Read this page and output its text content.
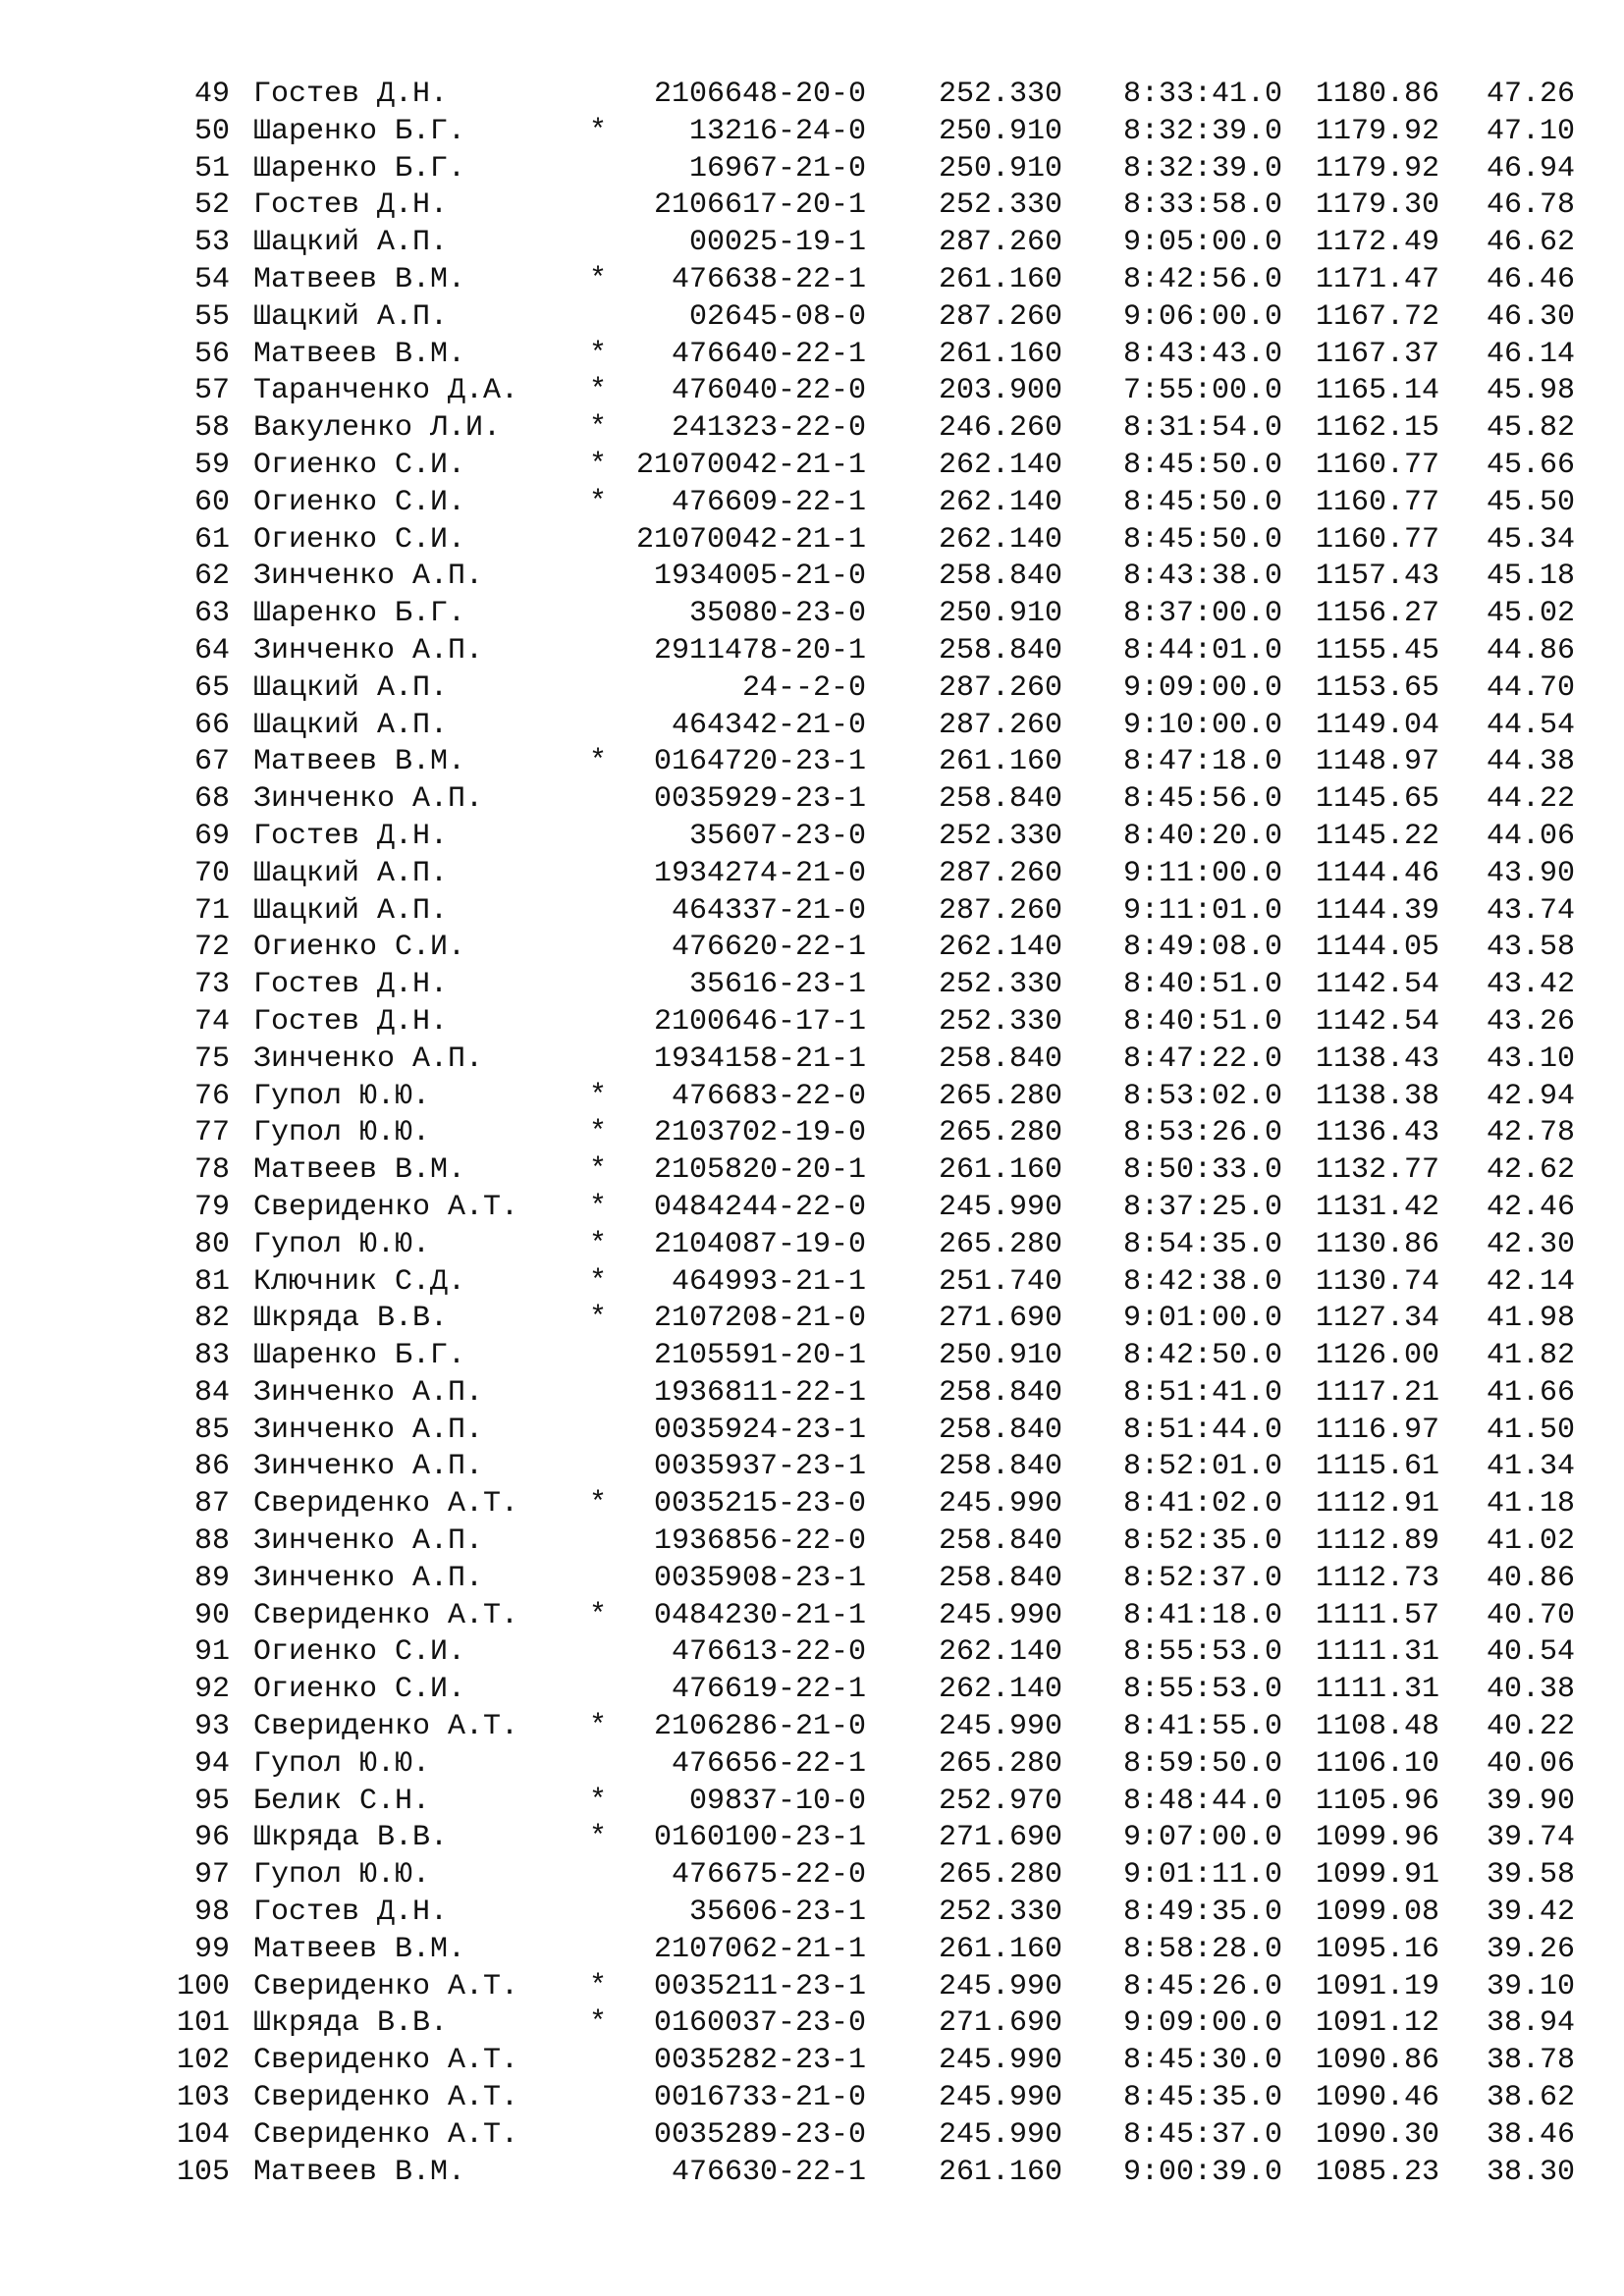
49 Гостев Д.Н.	2106648-20-0	252.330	8:33:41.0	1180.86	47.26
50 Шаренко Б.Г.	*	13216-24-0	250.910	8:32:39.0	1179.92	47.10
51 Шаренко Б.Г.	16967-21-0	250.910	8:32:39.0	1179.92	46.94
52 Гостев Д.Н.	2106617-20-1	252.330	8:33:58.0	1179.30	46.78
53 Шацкий А.П.	00025-19-1	287.260	9:05:00.0	1172.49	46.62
54 Матвеев В.М.	*	476638-22-1	261.160	8:42:56.0	1171.47	46.46
55 Шацкий А.П.	02645-08-0	287.260	9:06:00.0	1167.72	46.30
56 Матвеев В.М.	*	476640-22-1	261.160	8:43:43.0	1167.37	46.14
57 Таранченко Д.А. *	476040-22-0	203.900	7:55:00.0	1165.14	45.98
58 Вакуленко Л.И.	*	241323-22-0	246.260	8:31:54.0	1162.15	45.82
59 Огиенко С.И.	* 21070042-21-1	262.140	8:45:50.0	1160.77	45.66
60 Огиенко С.И.	*	476609-22-1	262.140	8:45:50.0	1160.77	45.50
61 Огиенко С.И.	21070042-21-1	262.140	8:45:50.0	1160.77	45.34
62 Зинченко А.П.	1934005-21-0	258.840	8:43:38.0	1157.43	45.18
63 Шаренко Б.Г.	35080-23-0	250.910	8:37:00.0	1156.27	45.02
64 Зинченко А.П.	2911478-20-1	258.840	8:44:01.0	1155.45	44.86
65 Шацкий А.П.	24--2-0	287.260	9:09:00.0	1153.65	44.70
66 Шацкий А.П.	464342-21-0	287.260	9:10:00.0	1149.04	44.54
67 Матвеев В.М.	*	0164720-23-1	261.160	8:47:18.0	1148.97	44.38
68 Зинченко А.П.	0035929-23-1	258.840	8:45:56.0	1145.65	44.22
69 Гостев Д.Н.	35607-23-0	252.330	8:40:20.0	1145.22	44.06
70 Шацкий А.П.	1934274-21-0	287.260	9:11:00.0	1144.46	43.90
71 Шацкий А.П.	464337-21-0	287.260	9:11:01.0	1144.39	43.74
72 Огиенко С.И.	476620-22-1	262.140	8:49:08.0	1144.05	43.58
73 Гостев Д.Н.	35616-23-1	252.330	8:40:51.0	1142.54	43.42
74 Гостев Д.Н.	2100646-17-1	252.330	8:40:51.0	1142.54	43.26
75 Зинченко А.П.	1934158-21-1	258.840	8:47:22.0	1138.43	43.10
76 Гупол Ю.Ю.	*	476683-22-0	265.280	8:53:02.0	1138.38	42.94
77 Гупол Ю.Ю.	*	2103702-19-0	265.280	8:53:26.0	1136.43	42.78
78 Матвеев В.М.	*	2105820-20-1	261.160	8:50:33.0	1132.77	42.62
79 Свериденко А.Т. *	0484244-22-0	245.990	8:37:25.0	1131.42	42.46
80 Гупол Ю.Ю.	*	2104087-19-0	265.280	8:54:35.0	1130.86	42.30
81 Ключник С.Д.	*	464993-21-1	251.740	8:42:38.0	1130.74	42.14
82 Шкряда В.В.	*	2107208-21-0	271.690	9:01:00.0	1127.34	41.98
83 Шаренко Б.Г.	2105591-20-1	250.910	8:42:50.0	1126.00	41.82
84 Зинченко А.П.	1936811-22-1	258.840	8:51:41.0	1117.21	41.66
85 Зинченко А.П.	0035924-23-1	258.840	8:51:44.0	1116.97	41.50
86 Зинченко А.П.	0035937-23-1	258.840	8:52:01.0	1115.61	41.34
87 Свериденко А.Т. *	0035215-23-0	245.990	8:41:02.0	1112.91	41.18
88 Зинченко А.П.	1936856-22-0	258.840	8:52:35.0	1112.89	41.02
89 Зинченко А.П.	0035908-23-1	258.840	8:52:37.0	1112.73	40.86
90 Свериденко А.Т. *	0484230-21-1	245.990	8:41:18.0	1111.57	40.70
91 Огиенко С.И.	476613-22-0	262.140	8:55:53.0	1111.31	40.54
92 Огиенко С.И.	476619-22-1	262.140	8:55:53.0	1111.31	40.38
93 Свериденко А.Т. *	2106286-21-0	245.990	8:41:55.0	1108.48	40.22
94 Гупол Ю.Ю.	476656-22-1	265.280	8:59:50.0	1106.10	40.06
95 Белик С.Н.	*	09837-10-0	252.970	8:48:44.0	1105.96	39.90
96 Шкряда В.В.	*	0160100-23-1	271.690	9:07:00.0	1099.96	39.74
97 Гупол Ю.Ю.	476675-22-0	265.280	9:01:11.0	1099.91	39.58
98 Гостев Д.Н.	35606-23-1	252.330	8:49:35.0	1099.08	39.42
99 Матвеев В.М.	2107062-21-1	261.160	8:58:28.0	1095.16	39.26
100 Свериденко А.Т. *	0035211-23-1	245.990	8:45:26.0	1091.19	39.10
101 Шкряда В.В.	*	0160037-23-0	271.690	9:09:00.0	1091.12	38.94
102 Свериденко А.Т.	0035282-23-1	245.990	8:45:30.0	1090.86	38.78
103 Свериденко А.Т.	0016733-21-0	245.990	8:45:35.0	1090.46	38.62
104 Свериденко А.Т.	0035289-23-0	245.990	8:45:37.0	1090.30	38.46
105 Матвеев В.М.	476630-22-1	261.160	9:00:39.0	1085.23	38.30
